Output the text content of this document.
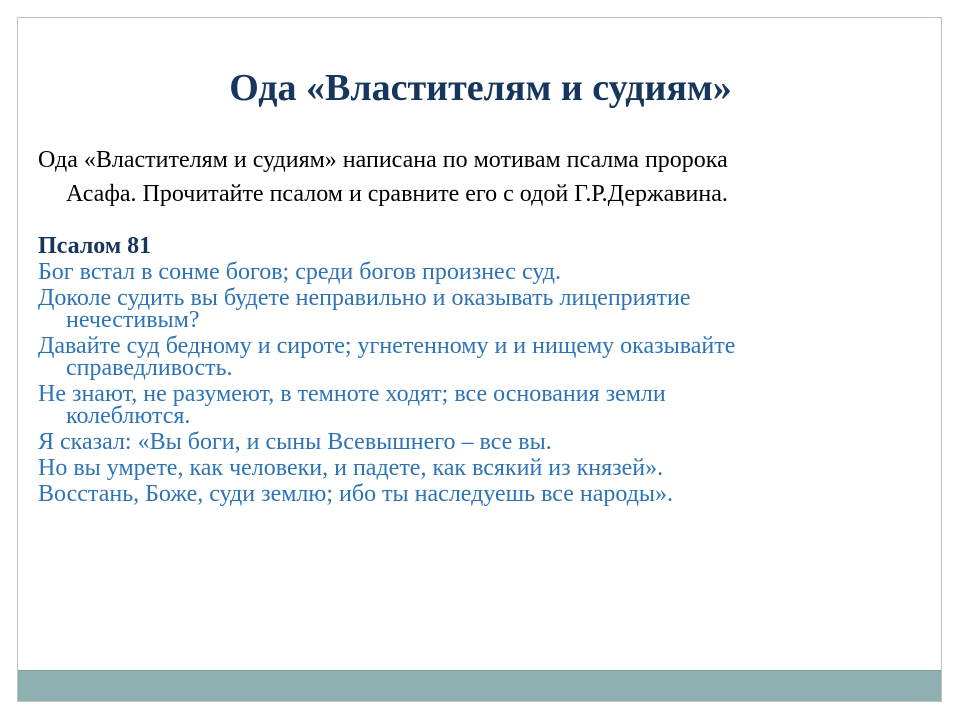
Ода «Властителям и судиям»

Ода «Властителям и судиям» написана по мотивам псалма пророка
Асафа. Прочитайте псалом и сравните его с одой Г.Р.Державина.

Псалом 81
Бог встал в сонме богов; среди богов произнес суд.
Доколе судить вы будете неправильно и оказывать лицеприятие
нечестивым?
Давайте суд бедному и сироте; угнетенному и и нищему оказывайте
справедливость.
Не знают, не разумеют, в темноте ходят; все основания земли
колеблются.
Я сказал: «Вы боги, и сыны Всевышнего – все вы.
Но вы умрете, как человеки, и падете, как всякий из князей».
Восстань, Боже, суди землю; ибо ты наследуешь все народы».
